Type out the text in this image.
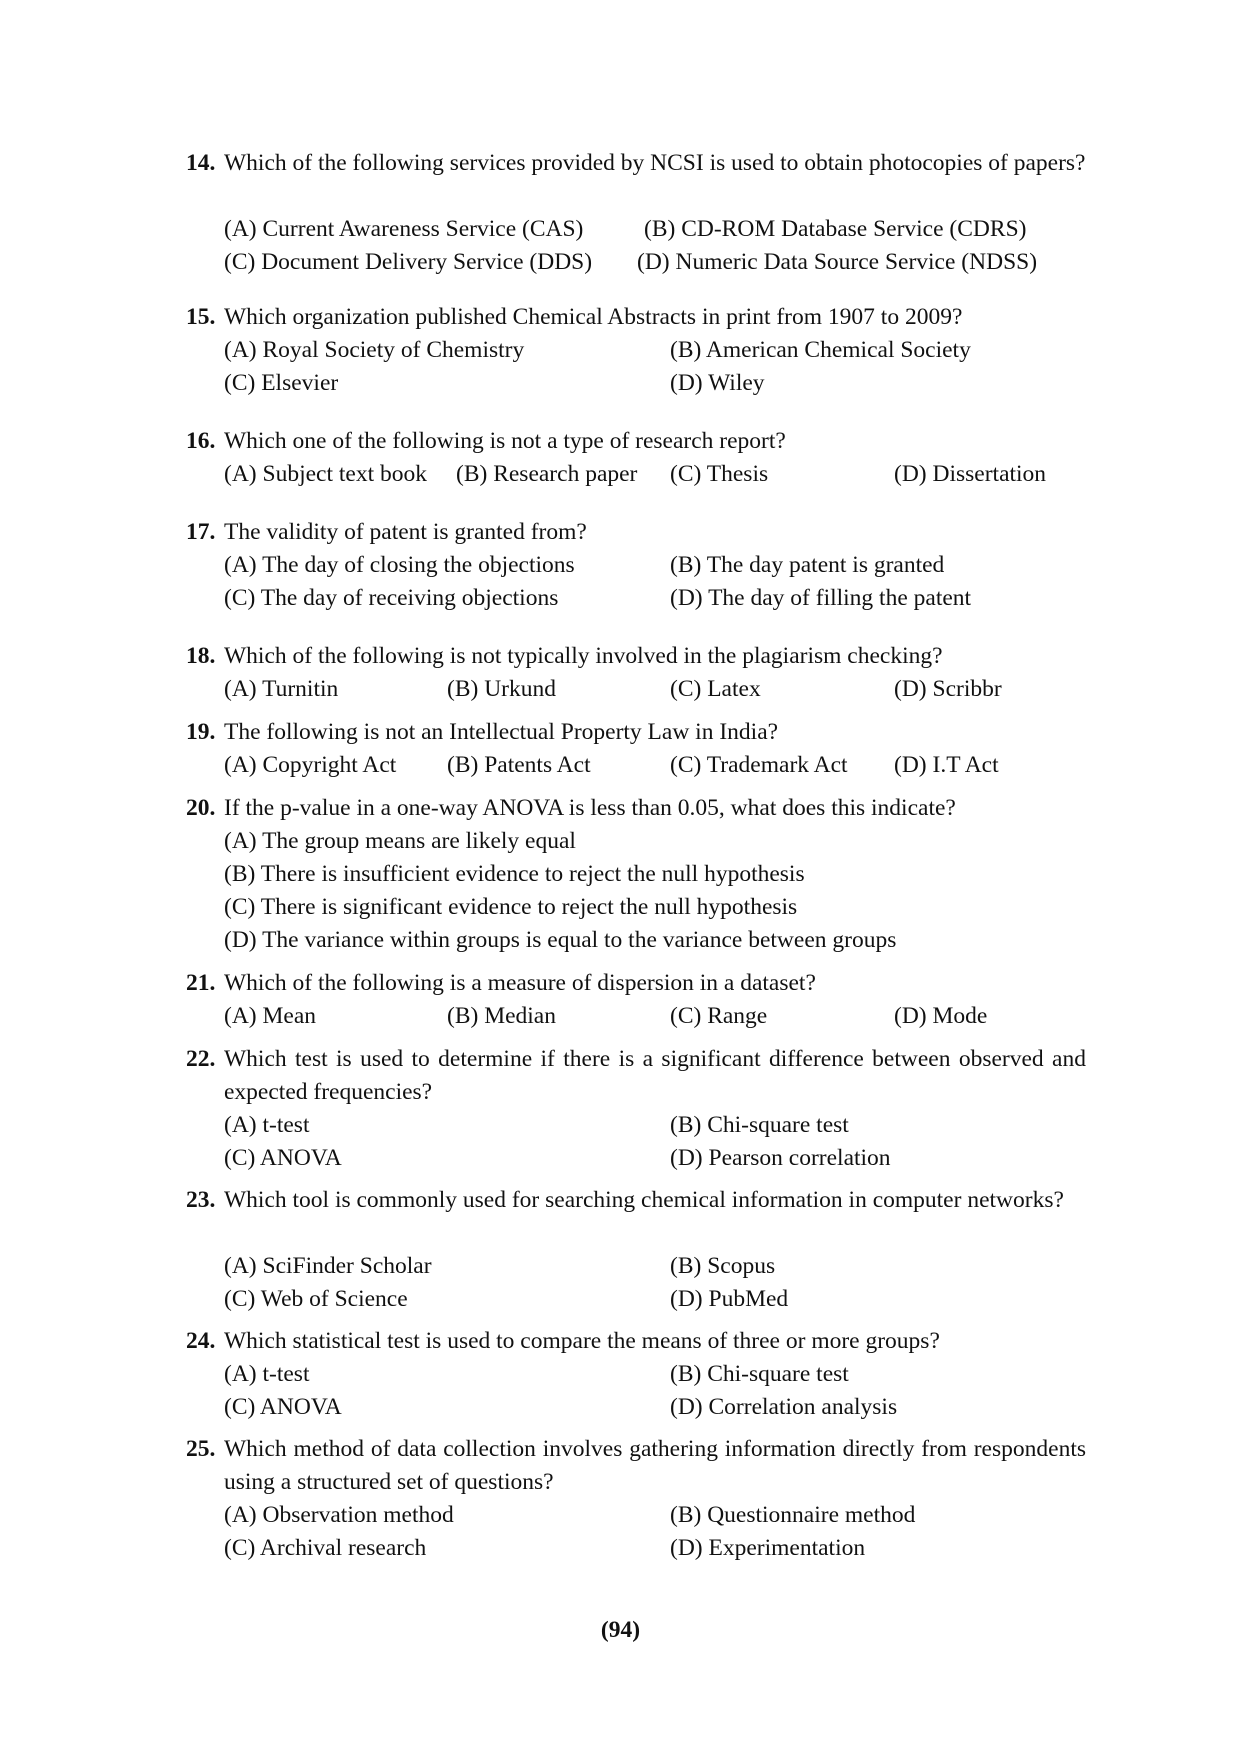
14. Which of the following services provided by NCSI is used to obtain photocopies of papers?
(A) Current Awareness Service (CAS)	(B) CD-ROM Database Service (CDRS)
(C) Document Delivery Service (DDS) (D) Numeric Data Source Service (NDSS)
15. Which organization published Chemical Abstracts in print from 1907 to 2009?
(A) Royal Society of Chemistry	(B) American Chemical Society
(C) Elsevier	(D) Wiley
16. Which one of the following is not a type of research report?
(A) Subject text book (B) Research paper (C) Thesis	(D) Dissertation
17. The validity of patent is granted from?
(A) The day of closing the objections	(B) The day patent is granted
(C) The day of receiving objections	(D) The day of filling the patent
18. Which of the following is not typically involved in the plagiarism checking?
(A) Turnitin	(B) Urkund	(C) Latex	(D) Scribbr
19. The following is not an Intellectual Property Law in India?
(A) Copyright Act (B) Patents Act	(C) Trademark Act (D) I.T Act
20. If the p-value in a one-way ANOVA is less than 0.05, what does this indicate?
(A) The group means are likely equal
(B) There is insufficient evidence to reject the null hypothesis
(C) There is significant evidence to reject the null hypothesis
(D) The variance within groups is equal to the variance between groups
21. Which of the following is a measure of dispersion in a dataset?
(A) Mean	(B) Median	(C) Range	(D) Mode
22. Which test is used to determine if there is a significant difference between observed and expected frequencies?
(A) t-test	(B) Chi-square test
(C) ANOVA	(D) Pearson correlation
23. Which tool is commonly used for searching chemical information in computer networks?
(A) SciFinder Scholar	(B) Scopus
(C) Web of Science	(D) PubMed
24. Which statistical test is used to compare the means of three or more groups?
(A) t-test	(B) Chi-square test
(C) ANOVA	(D) Correlation analysis
25. Which method of data collection involves gathering information directly from respondents using a structured set of questions?
(A) Observation method	(B) Questionnaire method
(C) Archival research	(D) Experimentation
(94)
